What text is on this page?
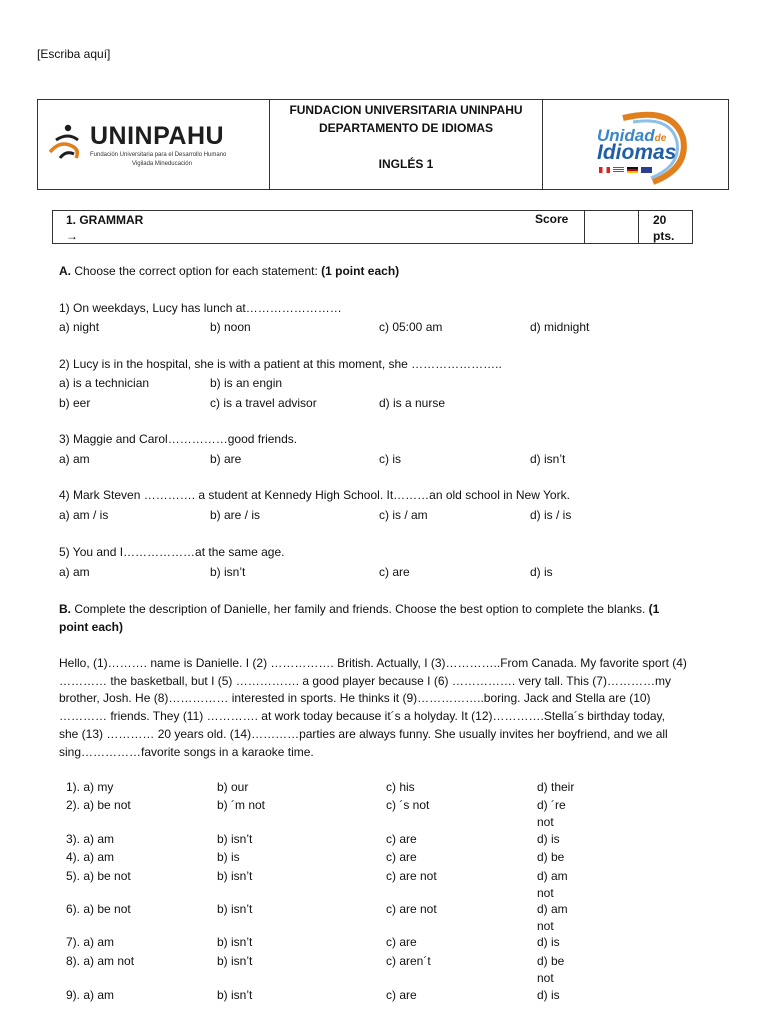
[Escriba aquí]
UNINPAHU
Fundación Universitaria para el Desarrollo Humano
Vigilada Mineducación
FUNDACION UNIVERSITARIA UNINPAHU
DEPARTAMENTO DE IDIOMAS
INGLÉS 1
Unidadde
Idiomas
1. GRAMMAR
→
Score	20
pts.
A. Choose the correct option for each statement: (1 point each)
1) On weekdays, Lucy has lunch at……………………
a) night	b) noon	c) 05:00 am	d) midnight
2) Lucy is in the hospital, she is with a patient at this moment, she …………………..
a) is a technician	b) is an engin
b) eer	c) is a travel advisor	d) is a nurse
3) Maggie and Carol……………good friends.
a) am	b) are	c) is	d) isn’t
4) Mark Steven …………. a student at Kennedy High School. It………an old school in New York.
a) am / is	b) are / is	c) is / am	d) is / is
5) You and I………………at the same age.
a) am	b) isn’t	c) are	d) is
B. Complete the description of Danielle, her family and friends. Choose the best option to complete the blanks. (1
point each)
Hello, (1)………. name is Danielle. I (2) ……………. British. Actually, I (3)…………..From Canada. My favorite sport (4)
………… the basketball, but I (5) ……………. a good player because I (6) ……………. very tall. This (7)…………my
brother, Josh. He (8)…………… interested in sports. He thinks it (9)……………..boring. Jack and Stella are (10)
………… friends. They (11) …………. at work today because it´s a holyday. It (12)………….Stella´s birthday today,
she (13) ………… 20 years old. (14)…………parties are always funny. She usually invites her boyfriend, and we all
sing……………favorite songs in a karaoke time.
1). a) my	b) our	c) his	d) their
2). a) be not	b) ´m not	c) ´s not	d) ´re
not
3). a) am	b) isn’t	c) are	d) is
4). a) am	b) is	c) are	d) be
5). a) be not	b) isn’t	c) are not	d) am
not
6). a) be not	b) isn’t	c) are not	d) am
not
7). a) am	b) isn’t	c) are	d) is
8). a) am not	b) isn’t	c) aren´t	d) be
not
9). a) am	b) isn’t	c) are	d) is
